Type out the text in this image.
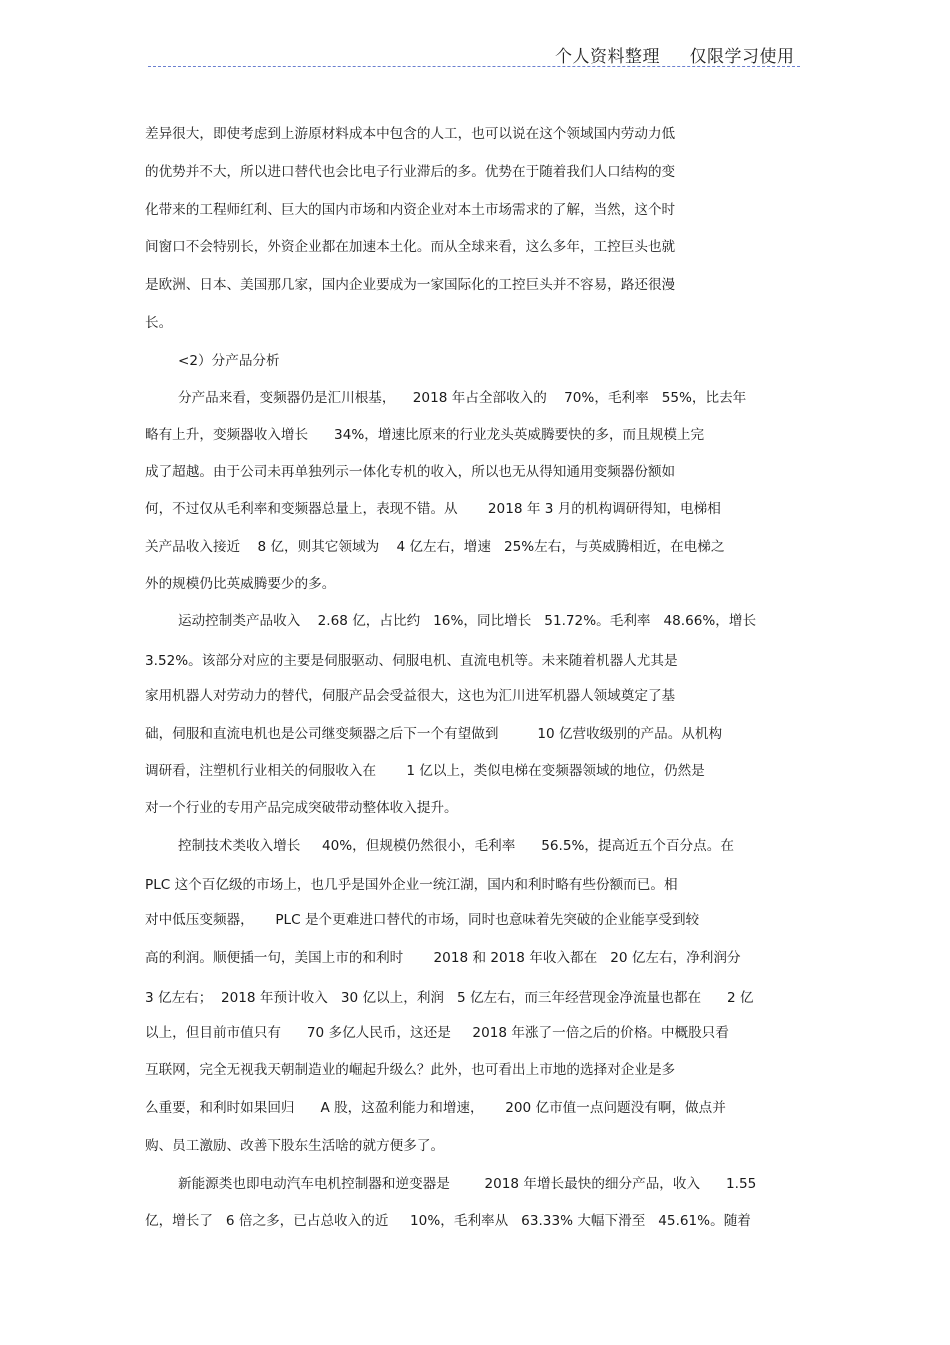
个人资料整理     仅限学习使用
差异很大，即使考虑到上游原材料成本中包含的人工，也可以说在这个领域国内劳动力低
的优势并不大，所以进口替代也会比电子行业滞后的多。优势在于随着我们人口结构的变
化带来的工程师红利、巨大的国内市场和内资企业对本土市场需求的了解，当然，这个时
间窗口不会特别长，外资企业都在加速本土化。而从全球来看，这么多年，工控巨头也就
是欧洲、日本、美国那几家，国内企业要成为一家国际化的工控巨头并不容易，路还很漫
长。
<2）分产品分析
分产品来看，变频器仍是汇川根基，    2018 年占全部收入的    70%，毛利率   55%，比去年
略有上升，变频器收入增长      34%，增速比原来的行业龙头英威腾要快的多，而且规模上完
成了超越。由于公司未再单独列示一体化专机的收入，所以也无从得知通用变频器份额如
何，不过仅从毛利率和变频器总量上，表现不错。从       2018 年 3 月的机构调研得知，电梯相
关产品收入接近    8 亿，则其它领域为    4 亿左右，增速   25%左右，与英威腾相近，在电梯之
外的规模仍比英威腾要少的多。
运动控制类产品收入    2.68 亿，占比约   16%，同比增长   51.72%。毛利率   48.66%，增长
3.52%。该部分对应的主要是伺服驱动、伺服电机、直流电机等。未来随着机器人尤其是
家用机器人对劳动力的替代，伺服产品会受益很大，这也为汇川进军机器人领域奠定了基
础，伺服和直流电机也是公司继变频器之后下一个有望做到         10 亿营收级别的产品。从机构
调研看，注塑机行业相关的伺服收入在       1 亿以上，类似电梯在变频器领域的地位，仍然是
对一个行业的专用产品完成突破带动整体收入提升。
控制技术类收入增长     40%，但规模仍然很小，毛利率      56.5%，提高近五个百分点。在
PLC 这个百亿级的市场上，也几乎是国外企业一统江湖，国内和利时略有些份额而已。相
对中低压变频器，     PLC 是个更难进口替代的市场，同时也意味着先突破的企业能享受到较
高的利润。顺便插一句，美国上市的和利时       2018 和 2018 年收入都在   20 亿左右，净利润分
3 亿左右；  2018 年预计收入   30 亿以上，利润   5 亿左右，而三年经营现金净流量也都在      2 亿
以上，但目前市值只有      70 多亿人民币，这还是     2018 年涨了一倍之后的价格。中概股只看
互联网，完全无视我天朝制造业的崛起升级么？此外，也可看出上市地的选择对企业是多
么重要，和利时如果回归      A 股，这盈利能力和增速，     200 亿市值一点问题没有啊，做点并
购、员工激励、改善下股东生活啥的就方便多了。
新能源类也即电动汽车电机控制器和逆变器是        2018 年增长最快的细分产品，收入      1.55
亿，增长了   6 倍之多，已占总收入的近     10%，毛利率从   63.33% 大幅下滑至   45.61%。随着
